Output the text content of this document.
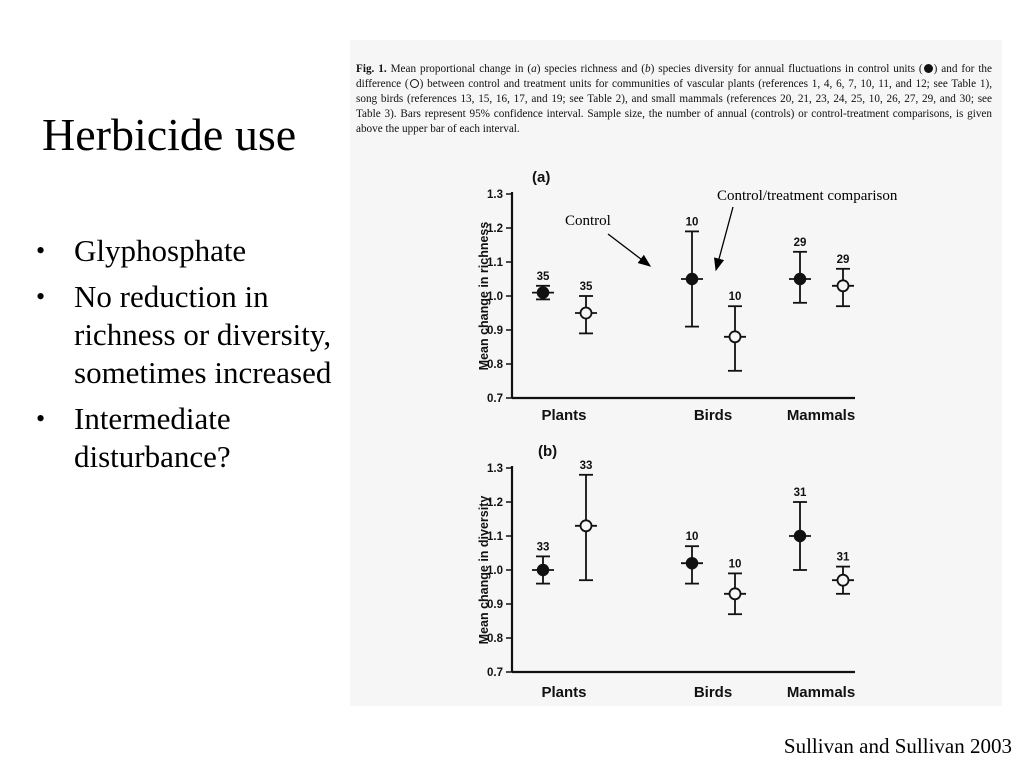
Herbicide use
• Glyphosphate
• No reduction in richness or diversity, sometimes increased
• Intermediate disturbance?
Fig. 1. Mean proportional change in (a) species richness and (b) species diversity for annual fluctuations in control units ( ) and for the difference ( ) between control and treatment units for communities of vascular plants (references 1, 4, 6, 7, 10, 11, and 12; see Table 1), song birds (references 13, 15, 16, 17, and 19; see Table 2), and small mammals (references 20, 21, 23, 24, 25, 10, 26, 27, 29, and 30; see Table 3). Bars represent 95% confidence interval. Sample size, the number of annual (controls) or control-treatment comparisons, is given above the upper bar of each interval.
0.7
0.8
0.9
1.0
1.1
1.2
1.3
Mean change in richness
(a)
Plants	Birds	Mammals
35
10
29
35
10
29
0.7
0.8
0.9
1.0
1.1
1.2
1.3
Mean change in diversity
(b)
Plants	Birds	Mammals
33
10
31
33
10
31
Control
Control/treatment comparison
Sullivan and Sullivan 2003
